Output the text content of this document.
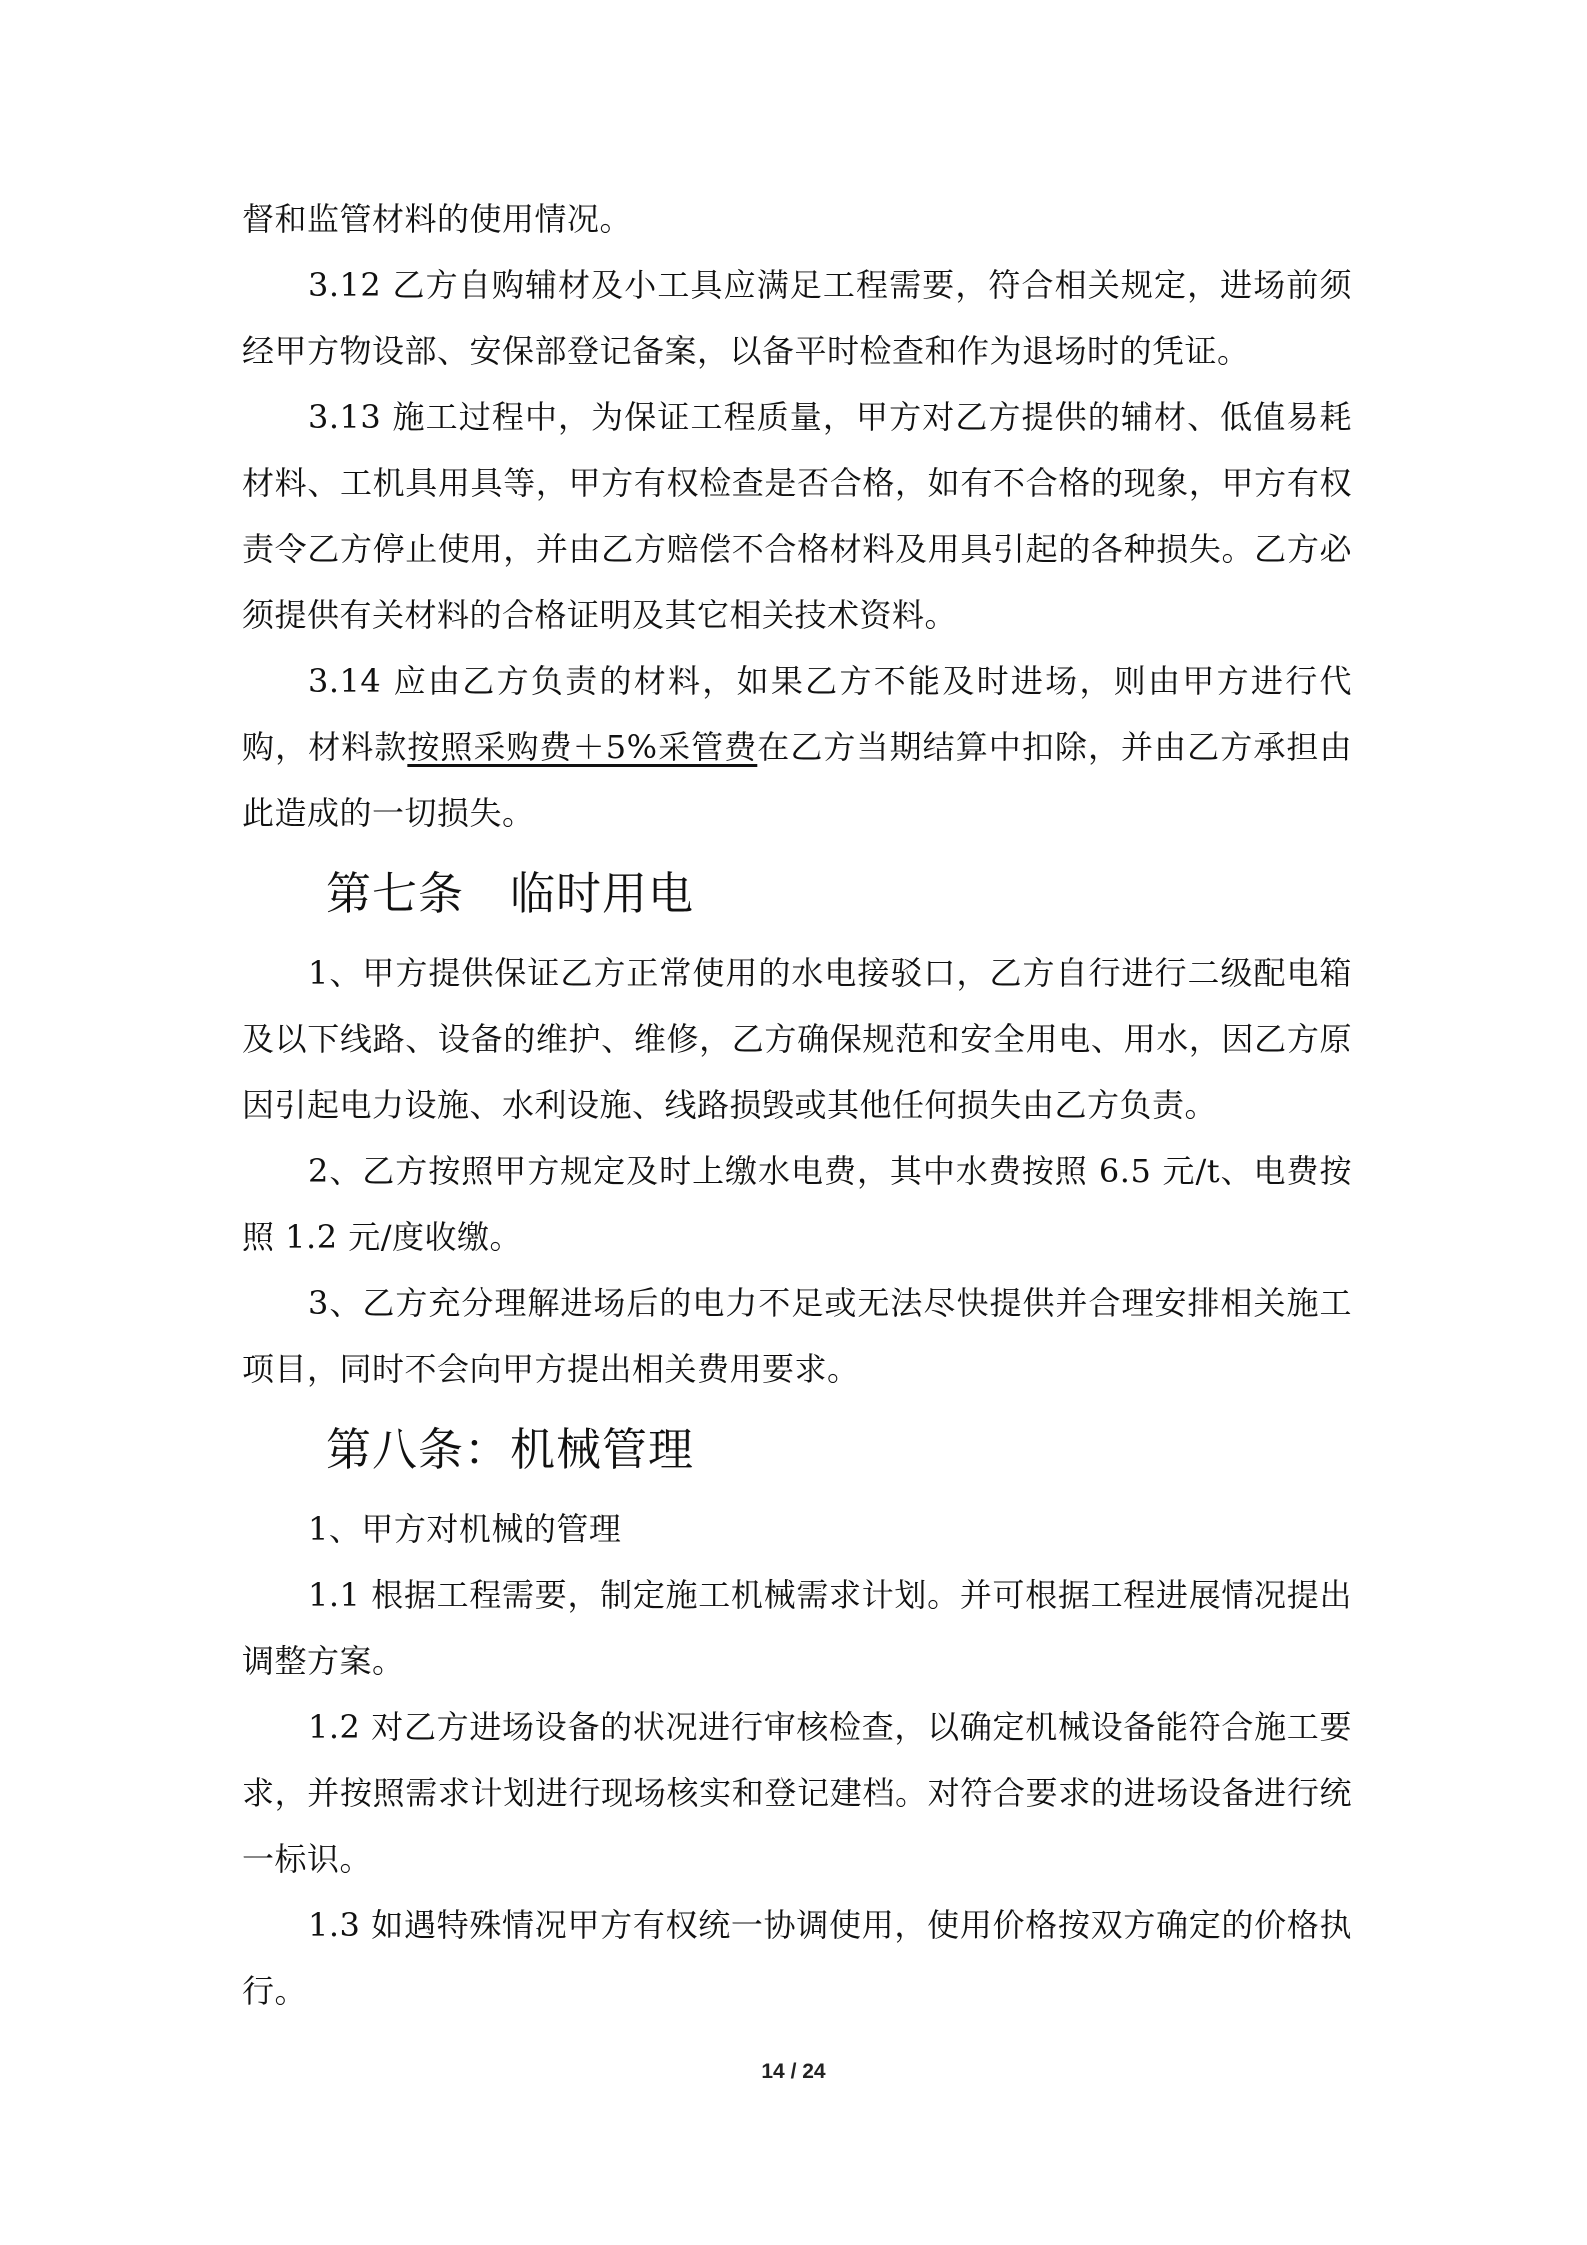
督和监管材料的使用情况。

3.12 乙方自购辅材及小工具应满足工程需要，符合相关规定，进场前须经甲方物设部、安保部登记备案，以备平时检查和作为退场时的凭证。

3.13 施工过程中，为保证工程质量，甲方对乙方提供的辅材、低值易耗材料、工机具用具等，甲方有权检查是否合格，如有不合格的现象，甲方有权责令乙方停止使用，并由乙方赔偿不合格材料及用具引起的各种损失。乙方必须提供有关材料的合格证明及其它相关技术资料。

3.14 应由乙方负责的材料，如果乙方不能及时进场，则由甲方进行代购，材料款按照采购费＋5%采管费在乙方当期结算中扣除，并由乙方承担由此造成的一切损失。

第七条　临时用电

1、甲方提供保证乙方正常使用的水电接驳口，乙方自行进行二级配电箱及以下线路、设备的维护、维修，乙方确保规范和安全用电、用水，因乙方原因引起电力设施、水利设施、线路损毁或其他任何损失由乙方负责。

2、乙方按照甲方规定及时上缴水电费，其中水费按照 6.5 元/t、电费按照 1.2 元/度收缴。

3、乙方充分理解进场后的电力不足或无法尽快提供并合理安排相关施工项目，同时不会向甲方提出相关费用要求。

第八条：机械管理

1、甲方对机械的管理

1.1 根据工程需要，制定施工机械需求计划。并可根据工程进展情况提出调整方案。

1.2 对乙方进场设备的状况进行审核检查，以确定机械设备能符合施工要求，并按照需求计划进行现场核实和登记建档。对符合要求的进场设备进行统一标识。

1.3 如遇特殊情况甲方有权统一协调使用，使用价格按双方确定的价格执行。

14 / 24
